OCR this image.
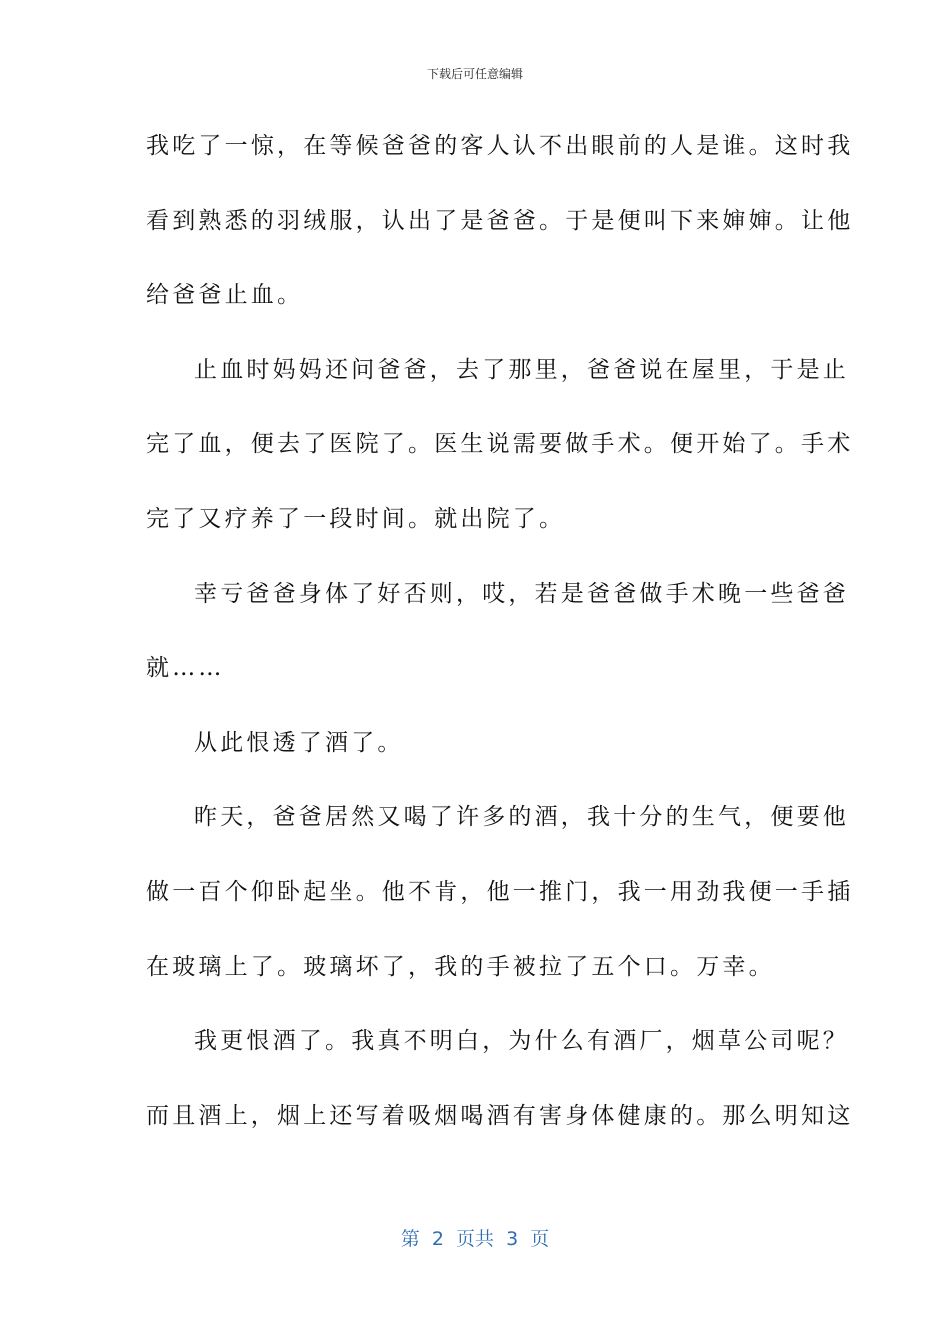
下载后可任意编辑
我吃了一惊，在等候爸爸的客人认不出眼前的人是谁。这时我
看到熟悉的羽绒服，认出了是爸爸。于是便叫下来婶婶。让他
给爸爸止血。
止血时妈妈还问爸爸，去了那里，爸爸说在屋里，于是止
完了血，便去了医院了。医生说需要做手术。便开始了。手术
完了又疗养了一段时间。就出院了。
幸亏爸爸身体了好否则，哎，若是爸爸做手术晚一些爸爸
就……
从此恨透了酒了。
昨天，爸爸居然又喝了许多的酒，我十分的生气，便要他
做一百个仰卧起坐。他不肯，他一推门，我一用劲我便一手插
在玻璃上了。玻璃坏了，我的手被拉了五个口。万幸。
我更恨酒了。我真不明白，为什么有酒厂，烟草公司呢？
而且酒上，烟上还写着吸烟喝酒有害身体健康的。那么明知这
第  2  页共  3  页
